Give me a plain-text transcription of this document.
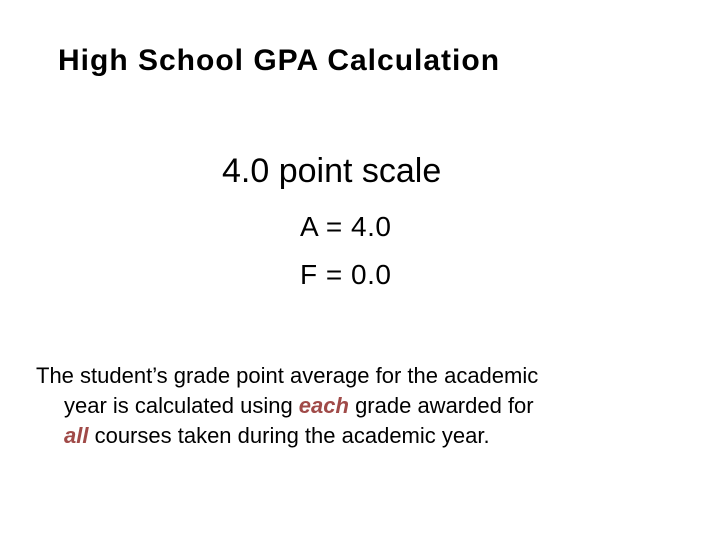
High School GPA Calculation
4.0 point scale
A = 4.0
F = 0.0
The student’s grade point average for the academic
year is calculated using each grade awarded for
all courses taken during the academic year.
